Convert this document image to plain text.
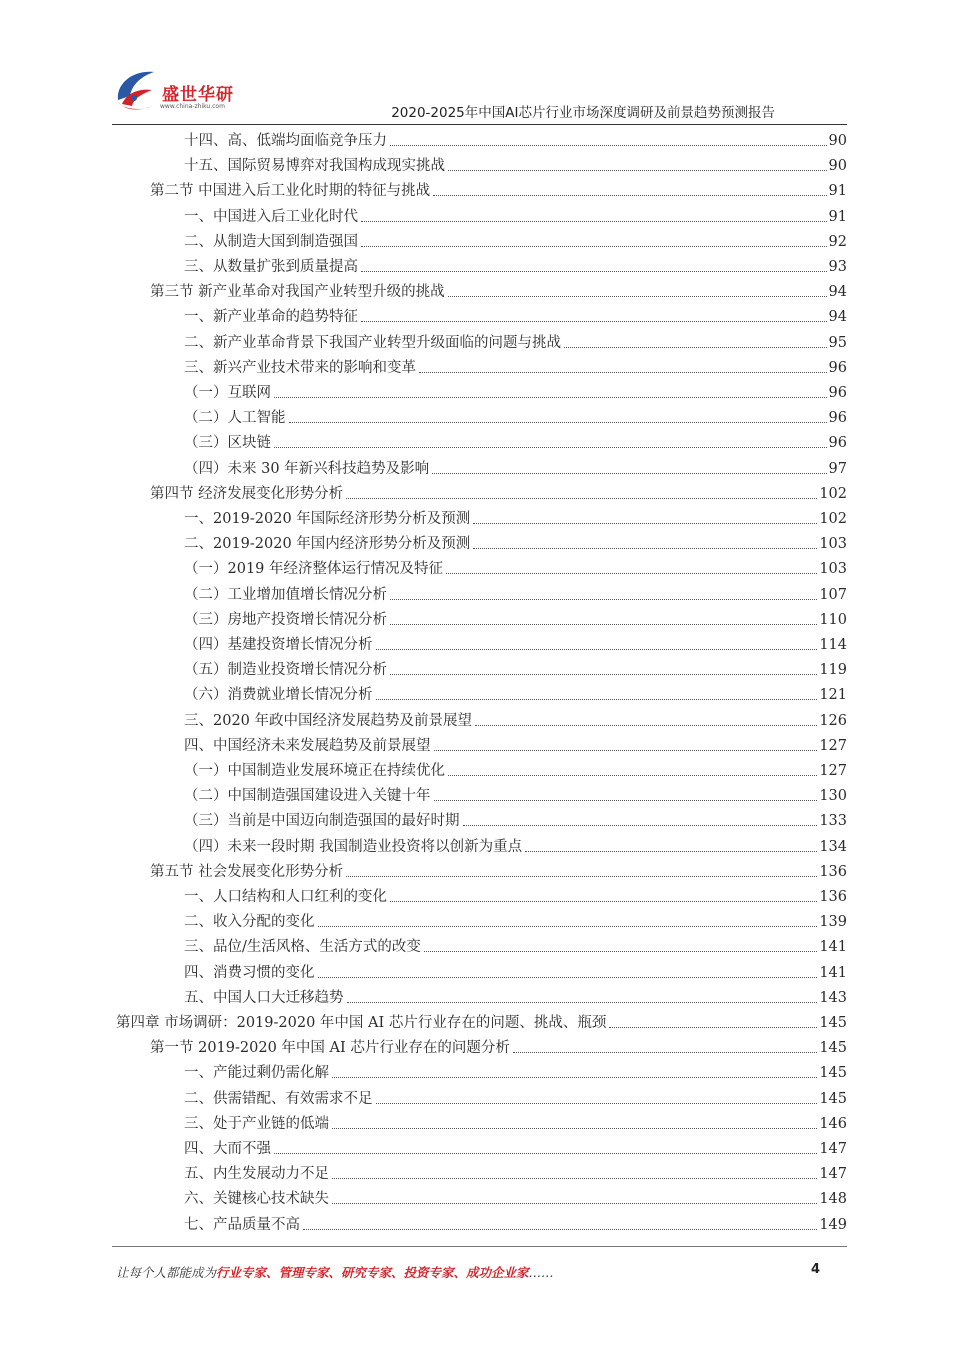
盛世华研
www.china-zhiku.com	2020-2025年中国AI芯片行业市场深度调研及前景趋势预测报告
十四、高、低端均面临竞争压力	90
十五、国际贸易博弈对我国构成现实挑战	90
第二节 中国进入后工业化时期的特征与挑战	91
一、中国进入后工业化时代	91
二、从制造大国到制造强国	92
三、从数量扩张到质量提高	93
第三节 新产业革命对我国产业转型升级的挑战	94
一、新产业革命的趋势特征	94
二、新产业革命背景下我国产业转型升级面临的问题与挑战	95
三、新兴产业技术带来的影响和变革	96
（一）互联网	96
（二）人工智能	96
（三）区块链	96
（四）未来 30 年新兴科技趋势及影响	97
第四节 经济发展变化形势分析	102
一、2019-2020 年国际经济形势分析及预测	102
二、2019-2020 年国内经济形势分析及预测	103
（一）2019 年经济整体运行情况及特征	103
（二）工业增加值增长情况分析	107
（三）房地产投资增长情况分析	110
（四）基建投资增长情况分析	114
（五）制造业投资增长情况分析	119
（六）消费就业增长情况分析	121
三、2020 年政中国经济发展趋势及前景展望	126
四、中国经济未来发展趋势及前景展望	127
（一）中国制造业发展环境正在持续优化	127
（二）中国制造强国建设进入关键十年	130
（三）当前是中国迈向制造强国的最好时期	133
（四）未来一段时期 我国制造业投资将以创新为重点	134
第五节 社会发展变化形势分析	136
一、人口结构和人口红利的变化	136
二、收入分配的变化	139
三、品位/生活风格、生活方式的改变	141
四、消费习惯的变化	141
五、中国人口大迁移趋势	143
第四章 市场调研：2019-2020 年中国 AI 芯片行业存在的问题、挑战、瓶颈	145
第一节 2019-2020 年中国 AI 芯片行业存在的问题分析	145
一、产能过剩仍需化解	145
二、供需错配、有效需求不足	145
三、处于产业链的低端	146
四、大而不强	147
五、内生发展动力不足	147
六、关键核心技术缺失	148
七、产品质量不高	149
让每个人都能成为行业专家、管理专家、研究专家、投资专家、成功企业家……	4
